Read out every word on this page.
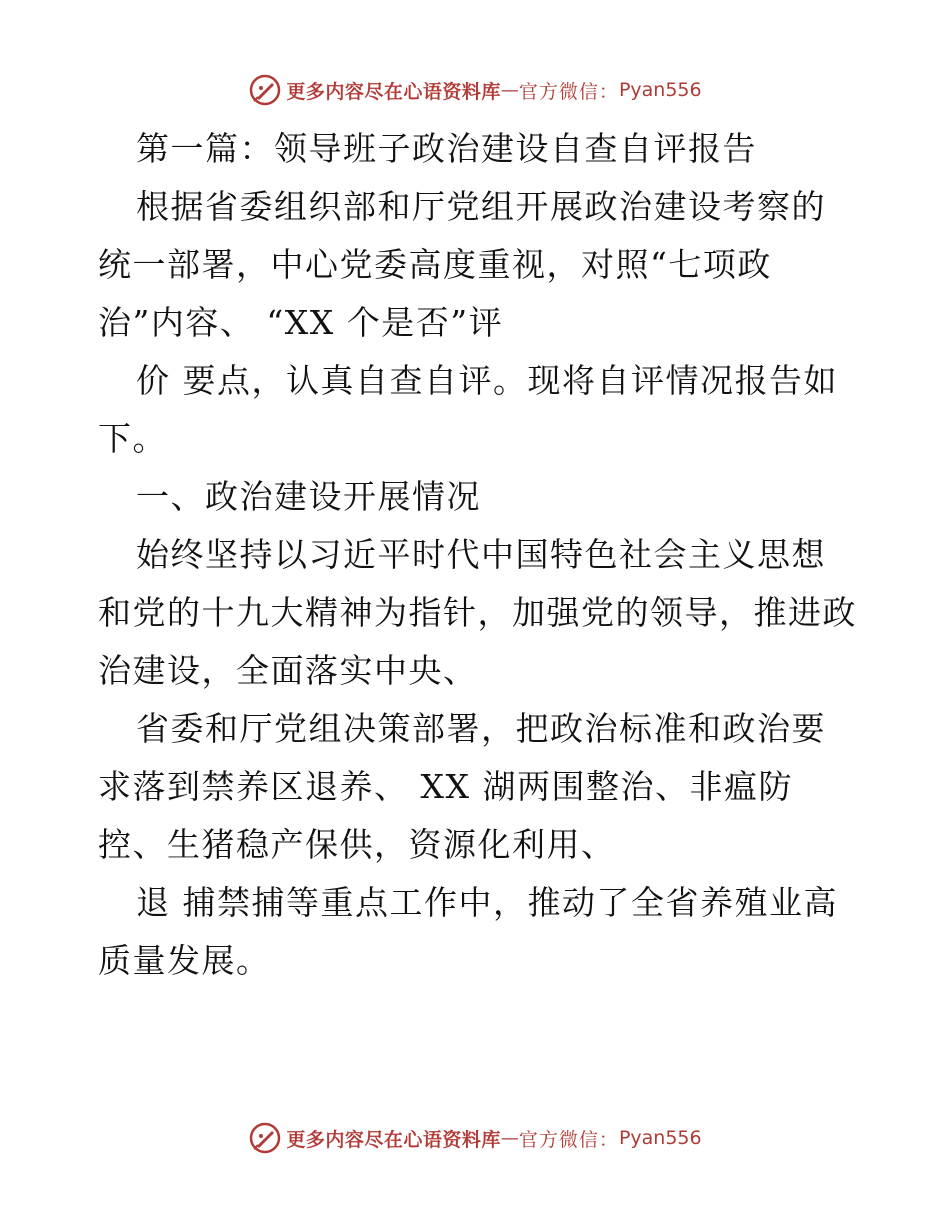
更多内容尽在心语资料库 — 官方微信： Pyan556

第一篇：领导班子政治建设自查自评报告

根据省委组织部和厅党组开展政治建设考察的统一部署，中心党委高度重视，对照“七项政治”内容、 “XX 个是否”评

价 要点，认真自查自评。现将自评情况报告如下。

一、政治建设开展情况

始终坚持以习近平时代中国特色社会主义思想和党的十九大精神为指针，加强党的领导，推进政治建设，全面落实中央、

省委和厅党组决策部署，把政治标准和政治要求落到禁养区退养、 XX 湖两围整治、非瘟防控、生猪稳产保供，资源化利用、

退 捕禁捕等重点工作中，推动了全省养殖业高质量发展。

更多内容尽在心语资料库 — 官方微信： Pyan556
